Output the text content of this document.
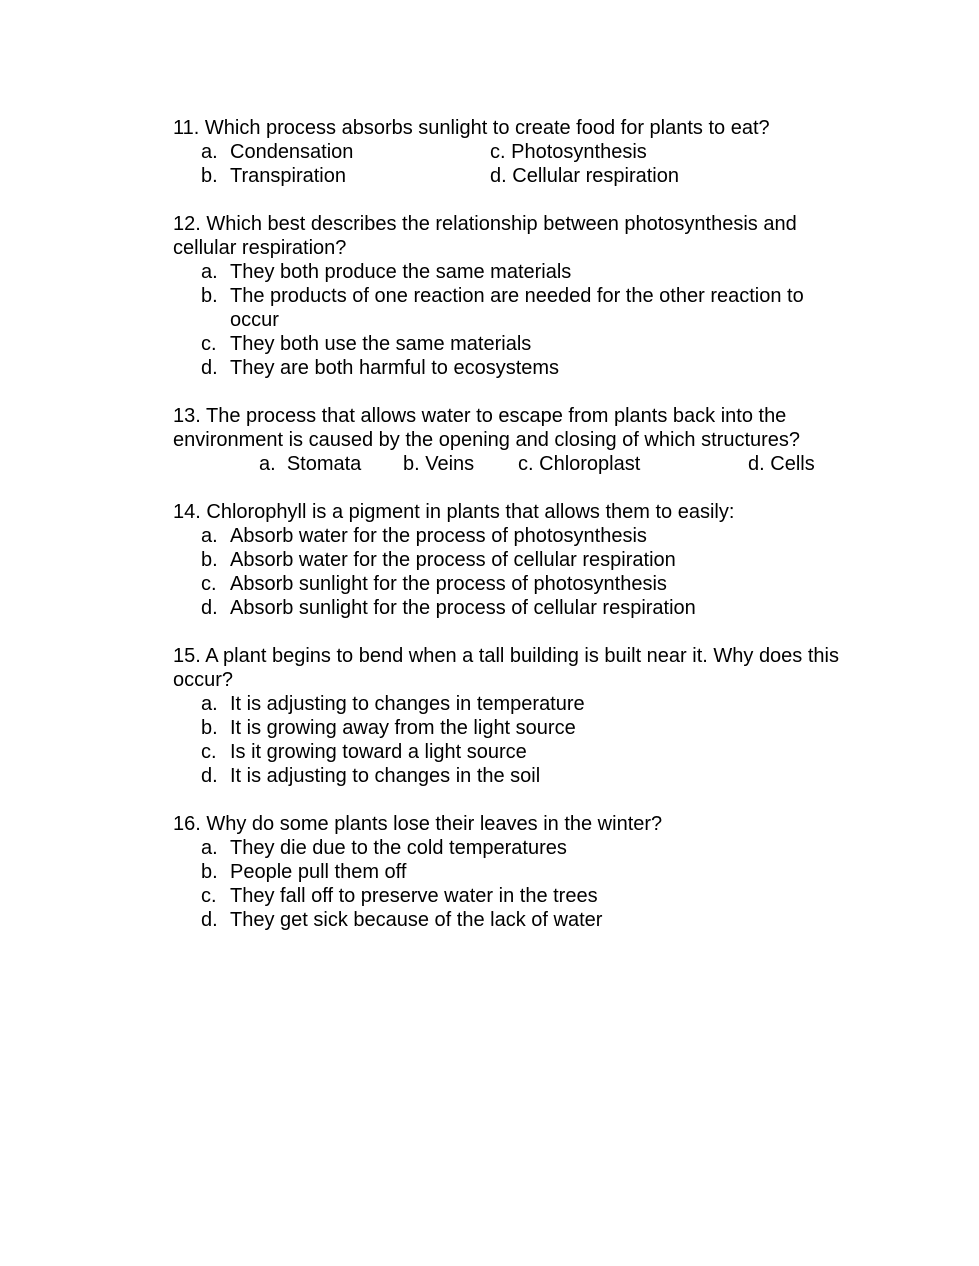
11. Which process absorbs sunlight to create food for plants to eat?

a. Condensation	c. Photosynthesis
b. Transpiration	d. Cellular respiration

12. Which best describes the relationship between photosynthesis and cellular respiration?

a. They both produce the same materials
b. The products of one reaction are needed for the other reaction to occur
c. They both use the same materials
d. They are both harmful to ecosystems

13. The process that allows water to escape from plants back into the environment is caused by the opening and closing of which structures?

a. Stomata b. Veins c. Chloroplast	d. Cells

14. Chlorophyll is a pigment in plants that allows them to easily:

a. Absorb water for the process of photosynthesis
b. Absorb water for the process of cellular respiration
c. Absorb sunlight for the process of photosynthesis
d. Absorb sunlight for the process of cellular respiration

15. A plant begins to bend when a tall building is built near it. Why does this occur?

a. It is adjusting to changes in temperature
b. It is growing away from the light source
c. Is it growing toward a light source
d. It is adjusting to changes in the soil

16. Why do some plants lose their leaves in the winter?

a. They die due to the cold temperatures
b. People pull them off
c. They fall off to preserve water in the trees
d. They get sick because of the lack of water
